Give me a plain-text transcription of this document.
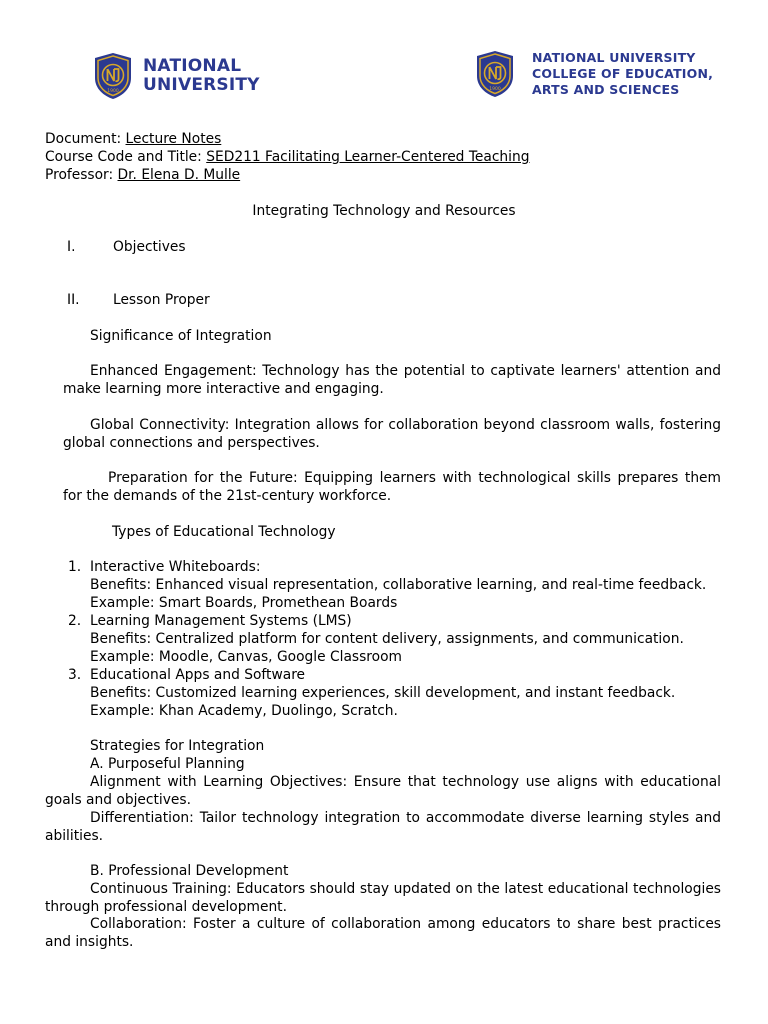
1900
NATIONAL
UNIVERSITY	1900
NATIONAL UNIVERSITY
COLLEGE OF EDUCATION,
ARTS AND SCIENCES
Document: Lecture Notes
Course Code and Title: SED211 Facilitating Learner-Centered Teaching
Professor: Dr. Elena D. Mulle
Integrating Technology and Resources
I.	Objectives
II. Lesson Proper
Significance of Integration
Enhanced Engagement: Technology has the potential to captivate learners' attention and
make learning more interactive and engaging.
Global Connectivity: Integration allows for collaboration beyond classroom walls, fostering
global connections and perspectives.
Preparation for the Future: Equipping learners with technological skills prepares them
for the demands of the 21st-century workforce.
Types of Educational Technology
1. Interactive Whiteboards:
Benefits: Enhanced visual representation, collaborative learning, and real-time feedback.
Example: Smart Boards, Promethean Boards
2. Learning Management Systems (LMS)
Benefits: Centralized platform for content delivery, assignments, and communication.
Example: Moodle, Canvas, Google Classroom
3. Educational Apps and Software
Benefits: Customized learning experiences, skill development, and instant feedback.
Example: Khan Academy, Duolingo, Scratch.
Strategies for Integration
A. Purposeful Planning
Alignment with Learning Objectives: Ensure that technology use aligns with educational
goals and objectives.
Differentiation: Tailor technology integration to accommodate diverse learning styles and
abilities.
B. Professional Development
Continuous Training: Educators should stay updated on the latest educational technologies
through professional development.
Collaboration: Foster a culture of collaboration among educators to share best practices
and insights.
